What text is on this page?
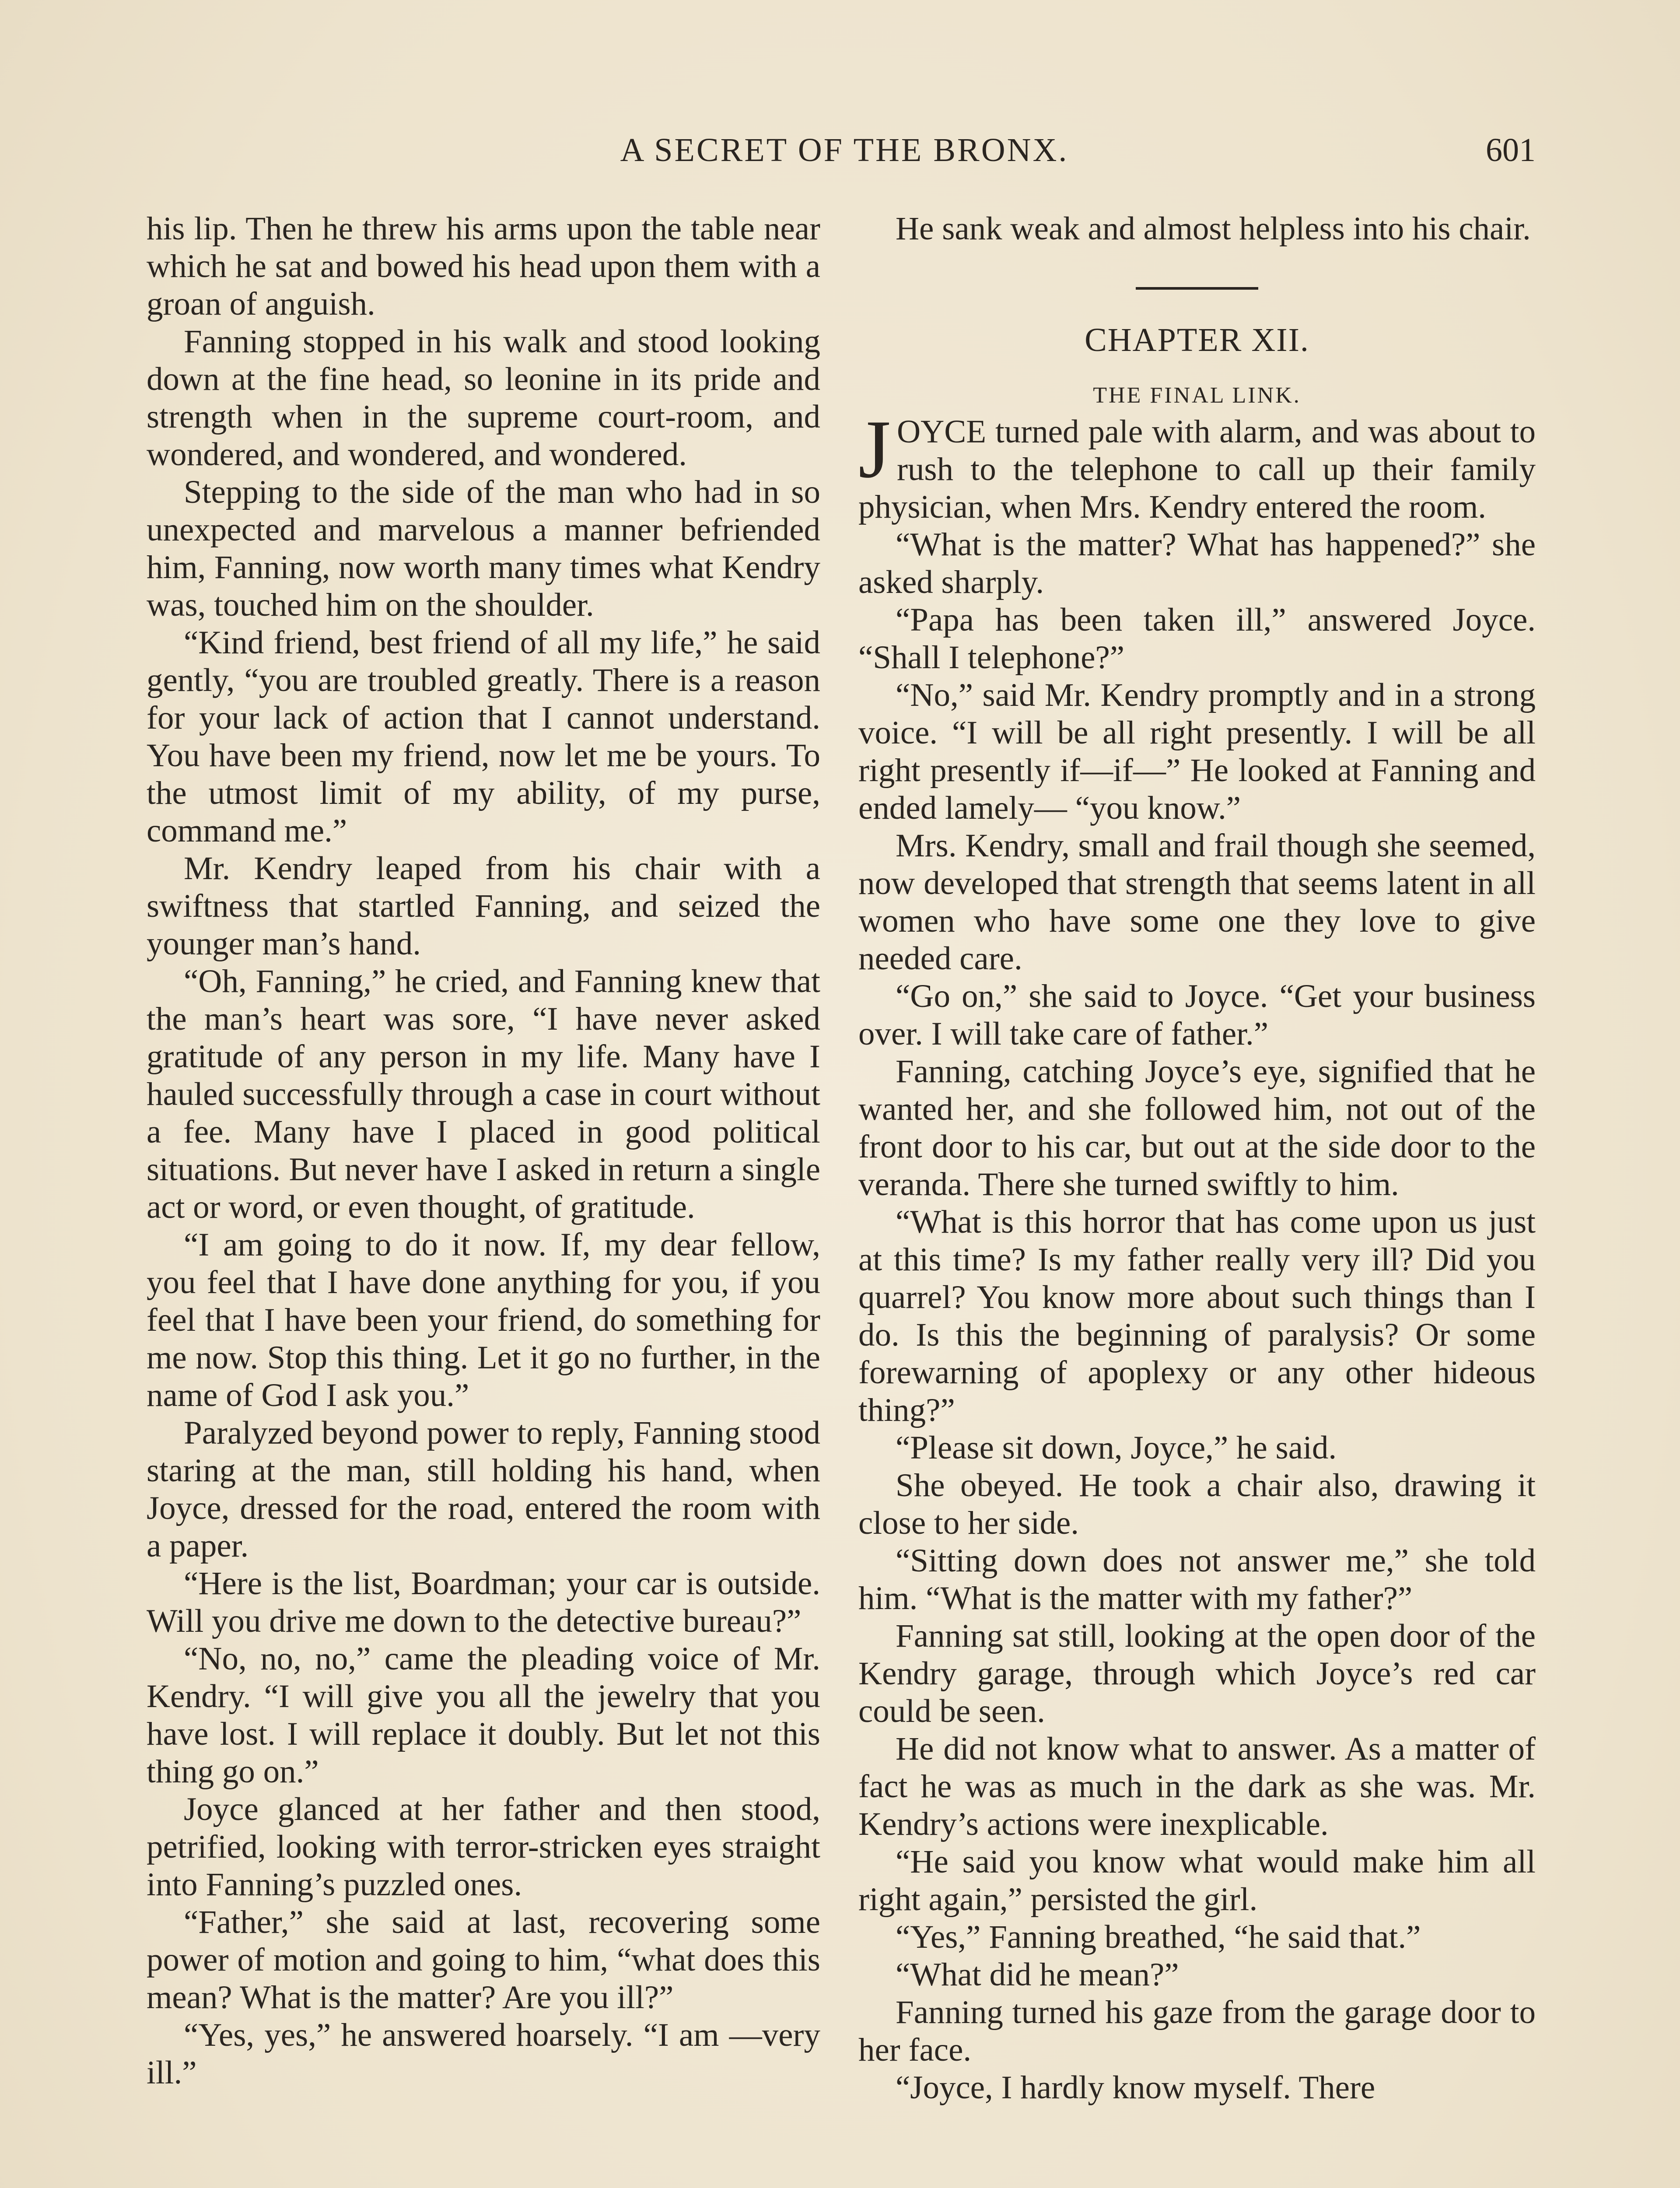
A SECRET OF THE BRONX.	601

his lip. Then he threw his arms upon the table near which he sat and bowed his head upon them with a groan of anguish.

Fanning stopped in his walk and stood looking down at the fine head, so leonine in its pride and strength when in the supreme court-room, and wondered, and wondered, and wondered.

Stepping to the side of the man who had in so unexpected and marvelous a manner befriended him, Fanning, now worth many times what Kendry was, touched him on the shoulder.

“Kind friend, best friend of all my life,” he said gently, “you are troubled greatly. There is a reason for your lack of action that I cannot understand. You have been my friend, now let me be yours. To the utmost limit of my ability, of my purse, command me.”

Mr. Kendry leaped from his chair with a swiftness that startled Fanning, and seized the younger man’s hand.

“Oh, Fanning,” he cried, and Fanning knew that the man’s heart was sore, “I have never asked gratitude of any person in my life. Many have I hauled successfully through a case in court without a fee. Many have I placed in good political situations. But never have I asked in return a single act or word, or even thought, of gratitude.

“I am going to do it now. If, my dear fellow, you feel that I have done anything for you, if you feel that I have been your friend, do something for me now. Stop this thing. Let it go no further, in the name of God I ask you.”

Paralyzed beyond power to reply, Fanning stood staring at the man, still holding his hand, when Joyce, dressed for the road, entered the room with a paper.

“Here is the list, Boardman; your car is outside. Will you drive me down to the detective bureau?”

“No, no, no,” came the pleading voice of Mr. Kendry. “I will give you all the jewelry that you have lost. I will replace it doubly. But let not this thing go on.”

Joyce glanced at her father and then stood, petrified, looking with terror-stricken eyes straight into Fanning’s puzzled ones.

“Father,” she said at last, recovering some power of motion and going to him, “what does this mean? What is the matter? Are you ill?”

“Yes, yes,” he answered hoarsely. “I am —very ill.”

He sank weak and almost helpless into his chair.

CHAPTER XII.
THE FINAL LINK.

JOYCE turned pale with alarm, and was about to rush to the telephone to call up their family physician, when Mrs. Kendry entered the room.

“What is the matter? What has happened?” she asked sharply.

“Papa has been taken ill,” answered Joyce. “Shall I telephone?”

“No,” said Mr. Kendry promptly and in a strong voice. “I will be all right presently. I will be all right presently if—if—” He looked at Fanning and ended lamely— “you know.”

Mrs. Kendry, small and frail though she seemed, now developed that strength that seems latent in all women who have some one they love to give needed care.

“Go on,” she said to Joyce. “Get your business over. I will take care of father.”

Fanning, catching Joyce’s eye, signified that he wanted her, and she followed him, not out of the front door to his car, but out at the side door to the veranda. There she turned swiftly to him.

“What is this horror that has come upon us just at this time? Is my father really very ill? Did you quarrel? You know more about such things than I do. Is this the beginning of paralysis? Or some forewarning of apoplexy or any other hideous thing?”

“Please sit down, Joyce,” he said.

She obeyed. He took a chair also, drawing it close to her side.

“Sitting down does not answer me,” she told him. “What is the matter with my father?”

Fanning sat still, looking at the open door of the Kendry garage, through which Joyce’s red car could be seen.

He did not know what to answer. As a matter of fact he was as much in the dark as she was. Mr. Kendry’s actions were inexplicable.

“He said you know what would make him all right again,” persisted the girl.

“Yes,” Fanning breathed, “he said that.”

“What did he mean?”

Fanning turned his gaze from the garage door to her face.

“Joyce, I hardly know myself. There
